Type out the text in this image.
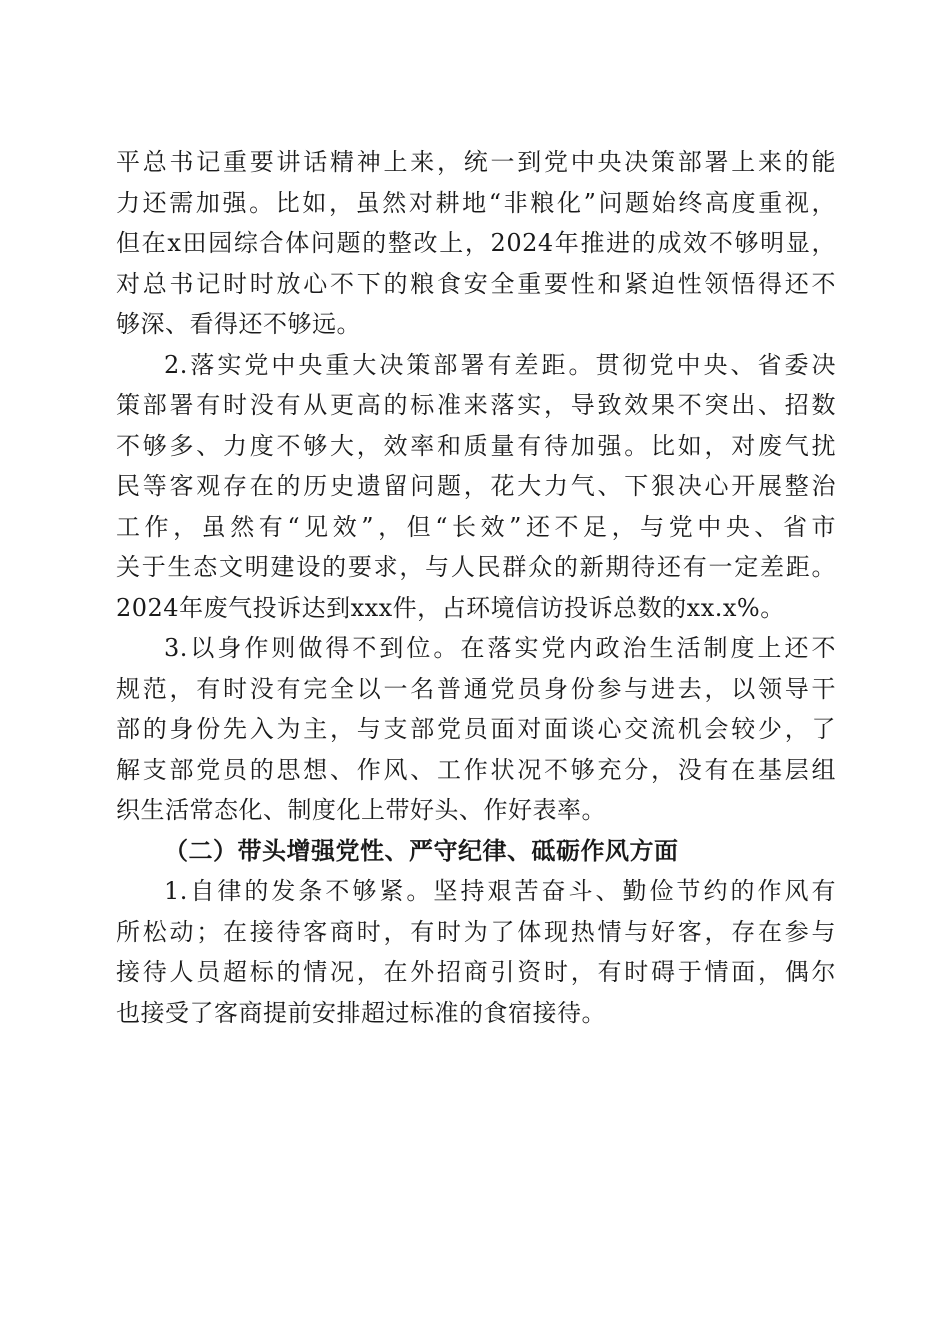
平总书记重要讲话精神上来，统一到党中央决策部署上来的能
力还需加强。比如，虽然对耕地“非粮化”问题始终高度重视，
但在x田园综合体问题的整改上，2024年推进的成效不够明显，
对总书记时时放心不下的粮食安全重要性和紧迫性领悟得还不
够深、看得还不够远。
2.落实党中央重大决策部署有差距。贯彻党中央、省委决
策部署有时没有从更高的标准来落实，导致效果不突出、招数
不够多、力度不够大，效率和质量有待加强。比如，对废气扰
民等客观存在的历史遗留问题，花大力气、下狠决心开展整治
工作，虽然有“见效”，但“长效”还不足，与党中央、省市
关于生态文明建设的要求，与人民群众的新期待还有一定差距。
2024年废气投诉达到xxx件，占环境信访投诉总数的xx.x%。
3.以身作则做得不到位。在落实党内政治生活制度上还不
规范，有时没有完全以一名普通党员身份参与进去，以领导干
部的身份先入为主，与支部党员面对面谈心交流机会较少，了
解支部党员的思想、作风、工作状况不够充分，没有在基层组
织生活常态化、制度化上带好头、作好表率。
（二）带头增强党性、严守纪律、砥砺作风方面
1.自律的发条不够紧。坚持艰苦奋斗、勤俭节约的作风有
所松动；在接待客商时，有时为了体现热情与好客，存在参与
接待人员超标的情况，在外招商引资时，有时碍于情面，偶尔
也接受了客商提前安排超过标准的食宿接待。
